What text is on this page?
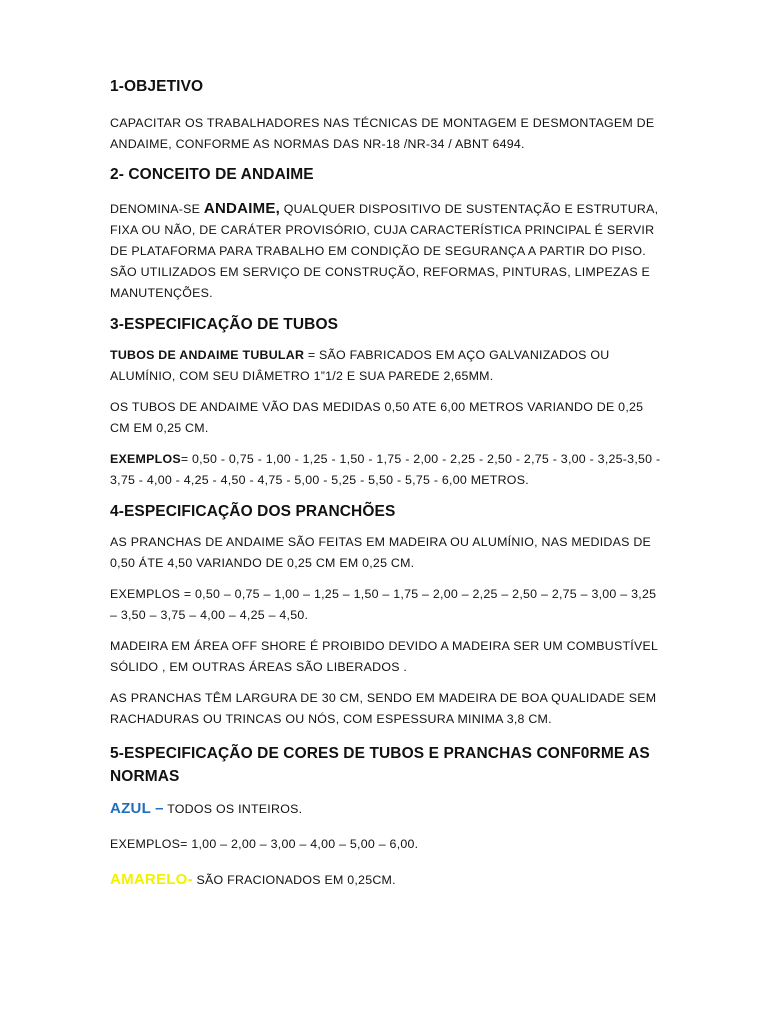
1-OBJETIVO

CAPACITAR OS TRABALHADORES NAS TÉCNICAS DE MONTAGEM E DESMONTAGEM DE ANDAIME, CONFORME AS NORMAS DAS NR-18 /NR-34 / ABNT 6494.

2- CONCEITO DE ANDAIME

DENOMINA-SE ANDAIME, QUALQUER DISPOSITIVO DE SUSTENTAÇÃO E ESTRUTURA, FIXA OU NÃO, DE CARÁTER PROVISÓRIO, CUJA CARACTERÍSTICA PRINCIPAL É SERVIR DE PLATAFORMA PARA TRABALHO EM CONDIÇÃO DE SEGURANÇA A PARTIR DO PISO. SÃO UTILIZADOS EM SERVIÇO DE CONSTRUÇÃO, REFORMAS, PINTURAS, LIMPEZAS E MANUTENÇÕES.

3-ESPECIFICAÇÃO DE TUBOS

TUBOS DE ANDAIME TUBULAR = SÃO FABRICADOS EM AÇO GALVANIZADOS OU ALUMÍNIO, COM SEU DIÂMETRO 1”1/2 E SUA PAREDE 2,65MM.

OS TUBOS DE ANDAIME VÃO DAS MEDIDAS 0,50 ATE 6,00 METROS VARIANDO DE 0,25 CM EM 0,25 CM.

EXEMPLOS= 0,50 - 0,75 - 1,00 - 1,25 - 1,50 - 1,75 - 2,00 - 2,25 - 2,50 - 2,75 - 3,00 - 3,25-3,50 - 3,75 - 4,00 - 4,25 - 4,50 - 4,75 - 5,00 - 5,25 - 5,50 - 5,75 - 6,00 METROS.

4-ESPECIFICAÇÃO DOS PRANCHÕES

AS PRANCHAS DE ANDAIME SÃO FEITAS EM MADEIRA OU ALUMÍNIO, NAS MEDIDAS DE 0,50 ÁTE 4,50 VARIANDO DE 0,25 CM EM 0,25 CM.

EXEMPLOS = 0,50 – 0,75 – 1,00 – 1,25 – 1,50 – 1,75 – 2,00 – 2,25 – 2,50 – 2,75 – 3,00 – 3,25 – 3,50 – 3,75 – 4,00 – 4,25 – 4,50.

MADEIRA EM ÁREA OFF SHORE É PROIBIDO DEVIDO A MADEIRA SER UM COMBUSTÍVEL SÓLIDO , EM OUTRAS ÁREAS SÃO LIBERADOS .

AS PRANCHAS TÊM LARGURA DE 30 CM, SENDO EM MADEIRA DE BOA QUALIDADE SEM RACHADURAS OU TRINCAS OU NÓS, COM ESPESSURA MINIMA 3,8 CM.

5-ESPECIFICAÇÃO DE CORES DE TUBOS E PRANCHAS CONF0RME AS NORMAS

AZUL – TODOS OS INTEIROS.

EXEMPLOS= 1,00 – 2,00 – 3,00 – 4,00 – 5,00 – 6,00.

AMARELO- SÃO FRACIONADOS EM 0,25CM.
